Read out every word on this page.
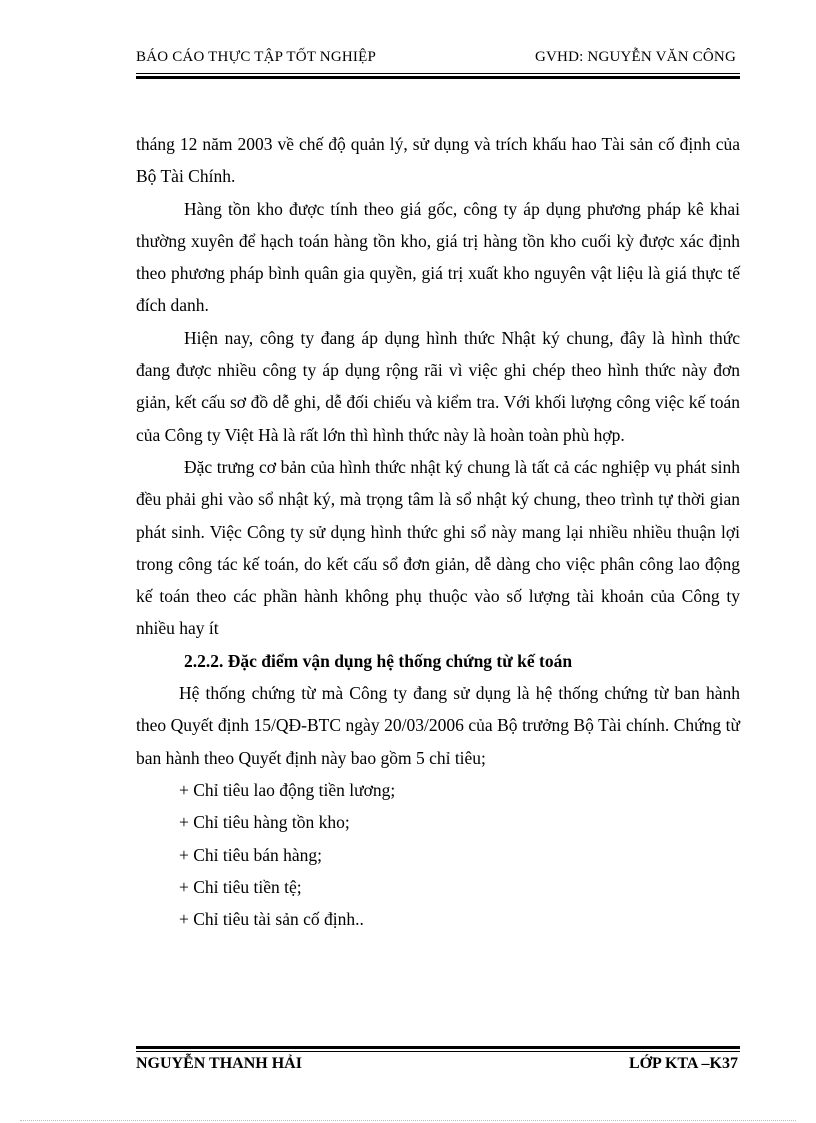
BÁO CÁO THỰC TẬP TỐT NGHIỆP	GVHD: NGUYỄN VĂN CÔNG

tháng 12 năm 2003 về chế độ quản lý, sử dụng và trích khấu hao Tài sản cố định của Bộ Tài Chính.

Hàng tồn kho được tính theo giá gốc, công ty áp dụng phương pháp kê khai thường xuyên để hạch toán hàng tồn kho, giá trị hàng tồn kho cuối kỳ được xác định theo phương pháp bình quân gia quyền, giá trị xuất kho nguyên vật liệu là giá thực tế đích danh.

Hiện nay, công ty đang áp dụng hình thức Nhật ký chung, đây là hình thức đang được nhiều công ty áp dụng rộng rãi vì việc ghi chép theo hình thức này đơn giản, kết cấu sơ đồ dễ ghi, dễ đối chiếu và kiểm tra. Với khối lượng công việc kế toán của Công ty Việt Hà là rất lớn thì hình thức này là hoàn toàn phù hợp.

Đặc trưng cơ bản của hình thức nhật ký chung là tất cả các nghiệp vụ phát sinh đều phải ghi vào sổ nhật ký, mà trọng tâm là sổ nhật ký chung, theo trình tự thời gian phát sinh. Việc Công ty sử dụng hình thức ghi sổ này mang lại nhiều nhiều thuận lợi trong công tác kế toán, do kết cấu sổ đơn giản, dễ dàng cho việc phân công lao động kế toán theo các phần hành không phụ thuộc vào số lượng tài khoản của Công ty nhiều hay ít

2.2.2. Đặc điểm vận dụng hệ thống chứng từ kế toán

Hệ thống chứng từ mà Công ty đang sử dụng là hệ thống chứng từ ban hành theo Quyết định 15/QĐ-BTC ngày 20/03/2006 của Bộ trưởng Bộ Tài chính. Chứng từ ban hành theo Quyết định này bao gồm 5 chỉ tiêu;

+ Chỉ tiêu lao động tiền lương;

+ Chỉ tiêu hàng tồn kho;

+ Chỉ tiêu bán hàng;

+ Chỉ tiêu tiền tệ;

+ Chỉ tiêu tài sản cố định..

NGUYỄN THANH HẢI	LỚP KTA –K37
